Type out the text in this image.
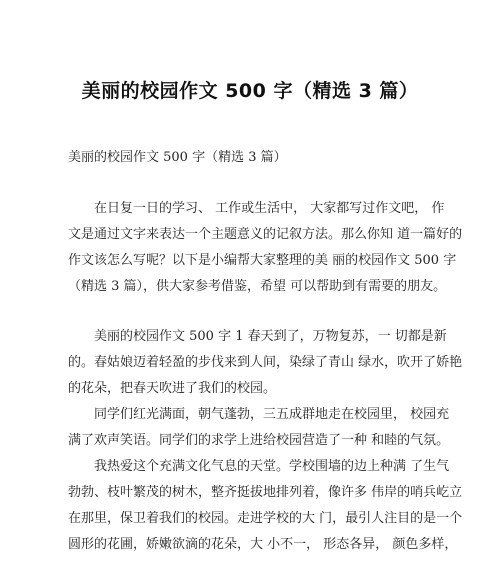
美丽的校园作文 500 字（精选 3 篇）
美丽的校园作文 500 字（精选 3 篇）
在日复一日的学习、 工作或生活中， 大家都写过作文吧， 作
文是通过文字来表达一个主题意义的记叙方法。那么你知 道一篇好的
作文该怎么写呢？以下是小编帮大家整理的美 丽的校园作文 500 字
（精选 3 篇），供大家参考借鉴，希望 可以帮助到有需要的朋友。
美丽的校园作文 500 字 1 春天到了，万物复苏，一 切都是新
的。春姑娘迈着轻盈的步伐来到人间，染绿了青山 绿水，吹开了娇艳
的花朵，把春天吹进了我们的校园。
同学们红光满面，朝气蓬勃，三五成群地走在校园里， 校园充
满了欢声笑语。同学们的求学上进给校园营造了一种 和睦的气氛。
我热爱这个充满文化气息的天堂。学校围墙的边上种满 了生气
勃勃、枝叶繁茂的树木，整齐挺拔地排列着，像许多 伟岸的哨兵屹立
在那里，保卫着我们的校园。走进学校的大 门，最引人注目的是一个
圆形的花圃，娇嫩欲滴的花朵，大 小不一， 形态各异， 颜色多样，
